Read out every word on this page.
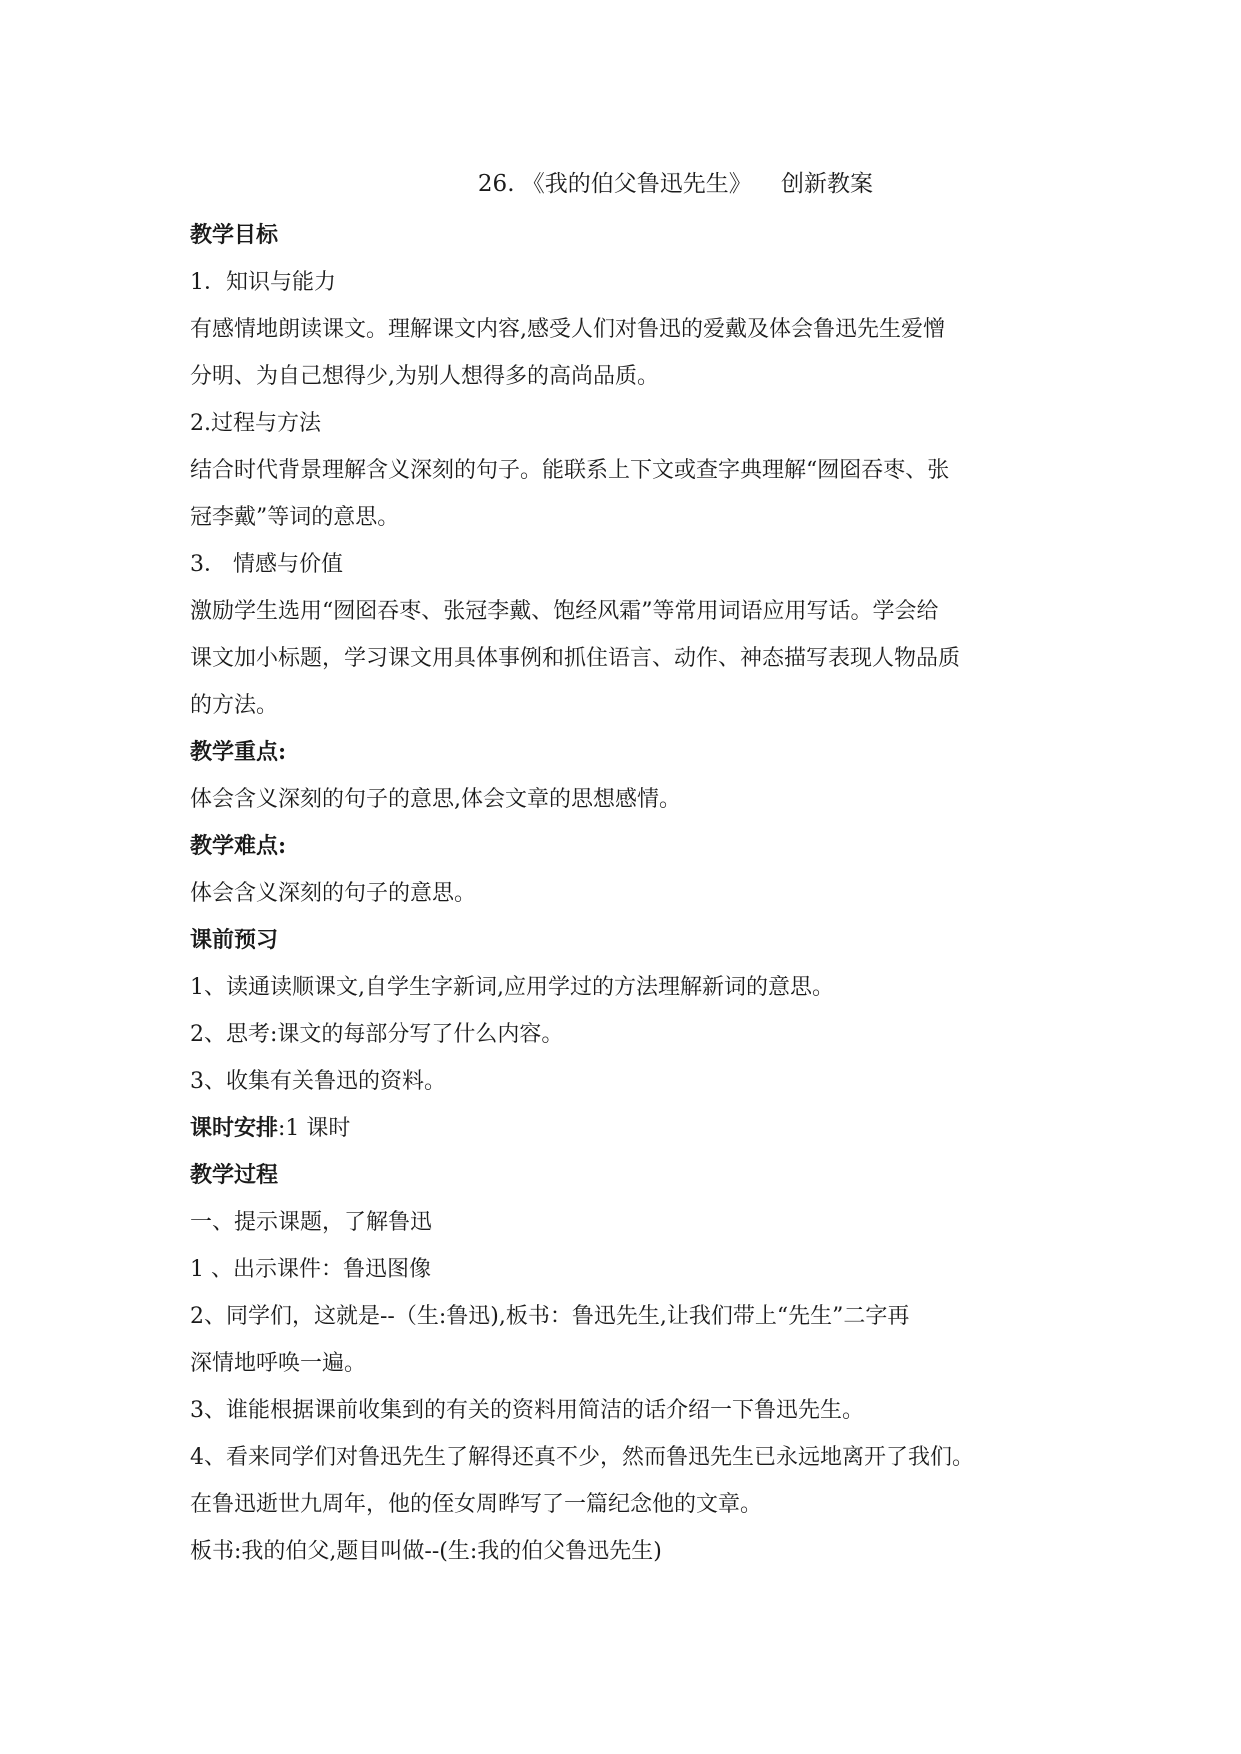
26. 《我的伯父鲁迅先生》    创新教案
教学目标
1．知识与能力
有感情地朗读课文。理解课文内容,感受人们对鲁迅的爱戴及体会鲁迅先生爱憎
分明、为自己想得少,为别人想得多的高尚品质。
2.过程与方法
结合时代背景理解含义深刻的句子。能联系上下文或查字典理解“囫囵吞枣、张
冠李戴”等词的意思。
3． 情感与价值
激励学生选用“囫囵吞枣、张冠李戴、饱经风霜”等常用词语应用写话。学会给
课文加小标题，学习课文用具体事例和抓住语言、动作、神态描写表现人物品质
的方法。
教学重点:
体会含义深刻的句子的意思,体会文章的思想感情。
教学难点:
体会含义深刻的句子的意思。
课前预习
1、读通读顺课文,自学生字新词,应用学过的方法理解新词的意思。
2、思考:课文的每部分写了什么内容。
3、收集有关鲁迅的资料。
课时安排:1 课时
教学过程
一、提示课题，了解鲁迅
1 、出示课件：鲁迅图像
2、同学们，这就是--（生:鲁迅),板书：鲁迅先生,让我们带上“先生”二字再
深情地呼唤一遍。
3、谁能根据课前收集到的有关的资料用简洁的话介绍一下鲁迅先生。
4、看来同学们对鲁迅先生了解得还真不少，然而鲁迅先生已永远地离开了我们。
在鲁迅逝世九周年，他的侄女周晔写了一篇纪念他的文章。
板书:我的伯父,题目叫做--(生:我的伯父鲁迅先生)
